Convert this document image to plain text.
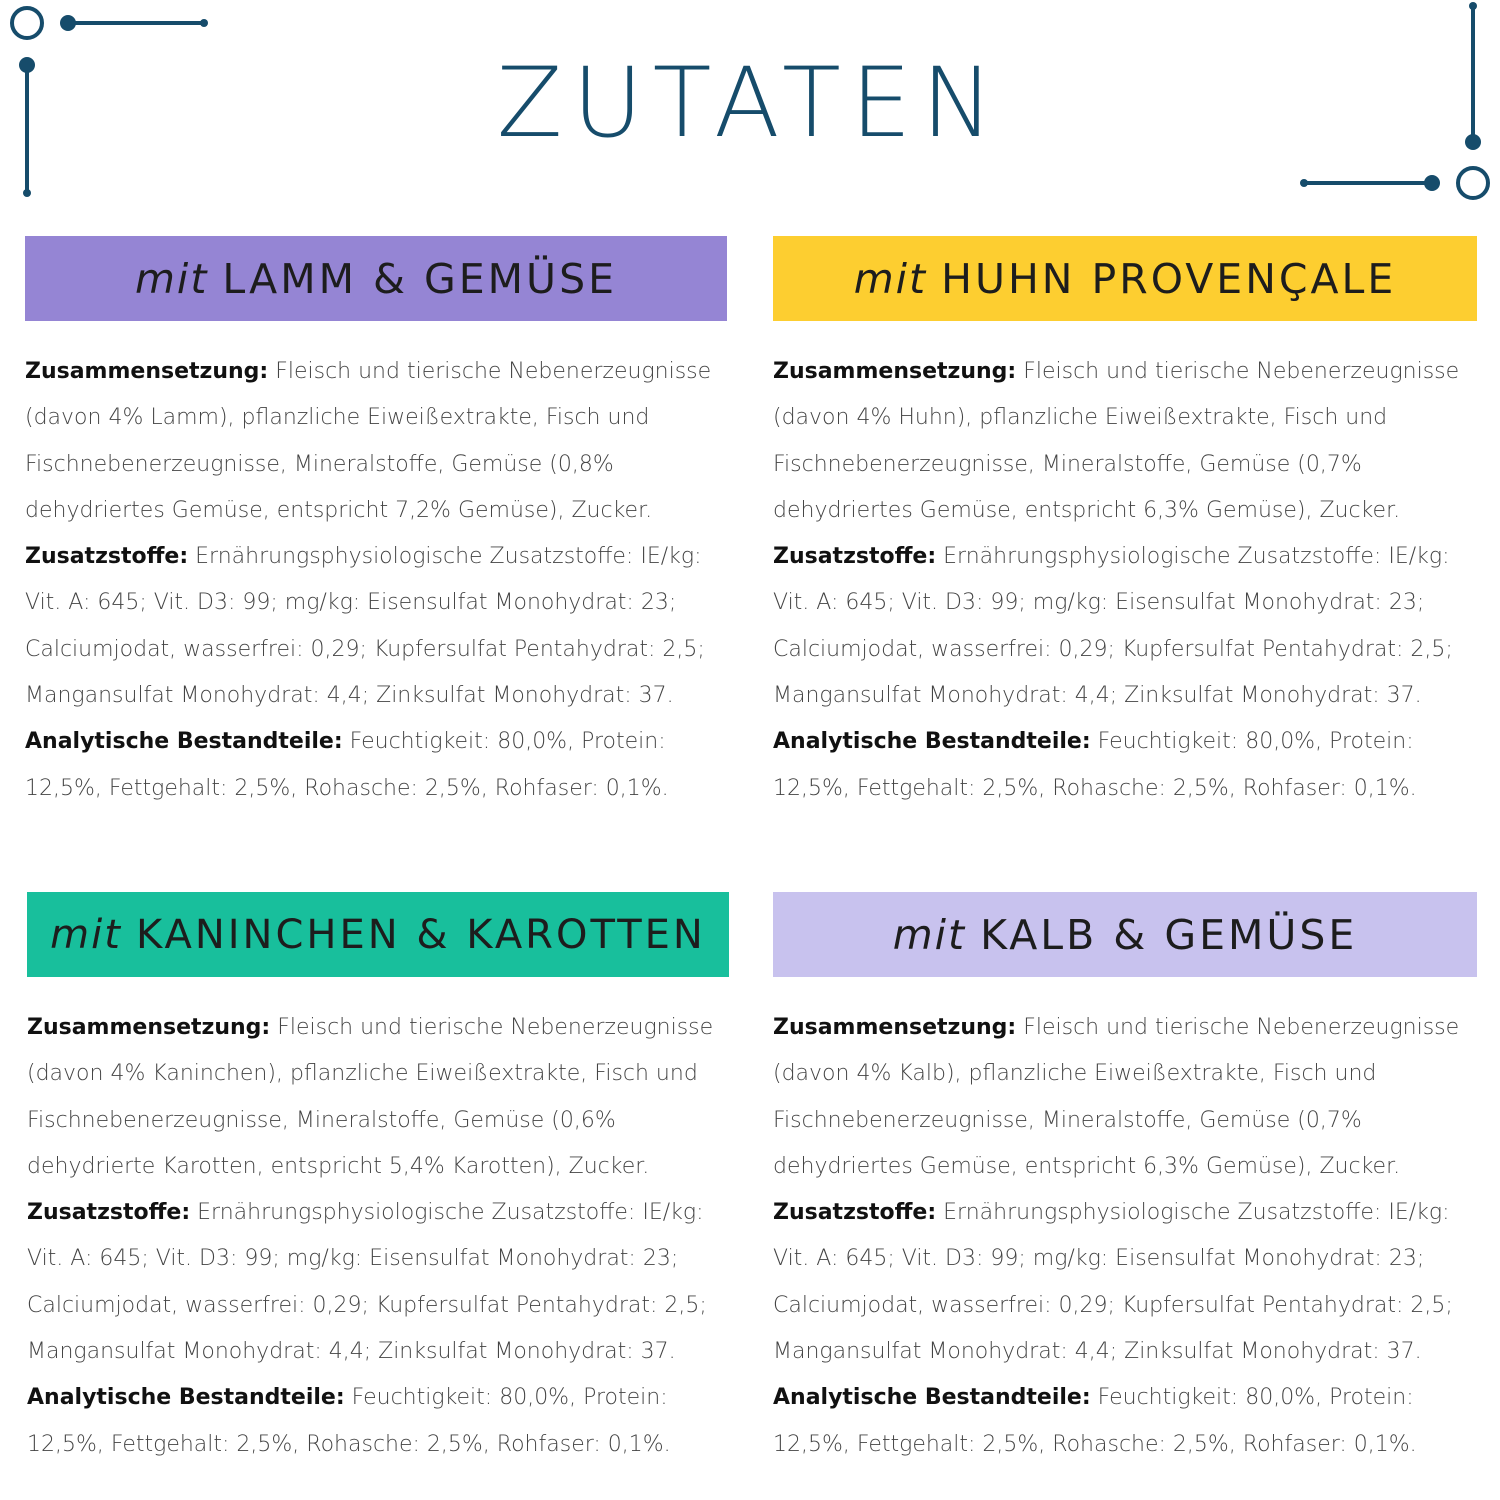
ZUTATEN
mit LAMM & GEMÜSE
Zusammensetzung: Fleisch und tierische Nebenerzeugnisse (davon 4% Lamm), pflanzliche Eiweißextrakte, Fisch und Fischnebenerzeugnisse, Mineralstoffe, Gemüse (0,8% dehydriertes Gemüse, entspricht 7,2% Gemüse), Zucker. Zusatzstoffe: Ernährungsphysiologische Zusatzstoffe: IE/kg: Vit. A: 645; Vit. D3: 99; mg/kg: Eisensulfat Monohydrat: 23; Calciumjodat, wasserfrei: 0,29; Kupfersulfat Pentahydrat: 2,5; Mangansulfat Monohydrat: 4,4; Zinksulfat Monohydrat: 37. Analytische Bestandteile: Feuchtigkeit: 80,0%, Protein: 12,5%, Fettgehalt: 2,5%, Rohasche: 2,5%, Rohfaser: 0,1%.
mit HUHN PROVENÇALE
Zusammensetzung: Fleisch und tierische Nebenerzeugnisse (davon 4% Huhn), pflanzliche Eiweißextrakte, Fisch und Fischnebenerzeugnisse, Mineralstoffe, Gemüse (0,7% dehydriertes Gemüse, entspricht 6,3% Gemüse), Zucker. Zusatzstoffe: Ernährungsphysiologische Zusatzstoffe: IE/kg: Vit. A: 645; Vit. D3: 99; mg/kg: Eisensulfat Monohydrat: 23; Calciumjodat, wasserfrei: 0,29; Kupfersulfat Pentahydrat: 2,5; Mangansulfat Monohydrat: 4,4; Zinksulfat Monohydrat: 37. Analytische Bestandteile: Feuchtigkeit: 80,0%, Protein: 12,5%, Fettgehalt: 2,5%, Rohasche: 2,5%, Rohfaser: 0,1%.
mit KANINCHEN & KAROTTEN
Zusammensetzung: Fleisch und tierische Nebenerzeugnisse (davon 4% Kaninchen), pflanzliche Eiweißextrakte, Fisch und Fischnebenerzeugnisse, Mineralstoffe, Gemüse (0,6% dehydrierte Karotten, entspricht 5,4% Karotten), Zucker. Zusatzstoffe: Ernährungsphysiologische Zusatzstoffe: IE/kg: Vit. A: 645; Vit. D3: 99; mg/kg: Eisensulfat Monohydrat: 23; Calciumjodat, wasserfrei: 0,29; Kupfersulfat Pentahydrat: 2,5; Mangansulfat Monohydrat: 4,4; Zinksulfat Monohydrat: 37. Analytische Bestandteile: Feuchtigkeit: 80,0%, Protein: 12,5%, Fettgehalt: 2,5%, Rohasche: 2,5%, Rohfaser: 0,1%.
mit KALB & GEMÜSE
Zusammensetzung: Fleisch und tierische Nebenerzeugnisse (davon 4% Kalb), pflanzliche Eiweißextrakte, Fisch und Fischnebenerzeugnisse, Mineralstoffe, Gemüse (0,7% dehydriertes Gemüse, entspricht 6,3% Gemüse), Zucker. Zusatzstoffe: Ernährungsphysiologische Zusatzstoffe: IE/kg: Vit. A: 645; Vit. D3: 99; mg/kg: Eisensulfat Monohydrat: 23; Calciumjodat, wasserfrei: 0,29; Kupfersulfat Pentahydrat: 2,5; Mangansulfat Monohydrat: 4,4; Zinksulfat Monohydrat: 37. Analytische Bestandteile: Feuchtigkeit: 80,0%, Protein: 12,5%, Fettgehalt: 2,5%, Rohasche: 2,5%, Rohfaser: 0,1%.
